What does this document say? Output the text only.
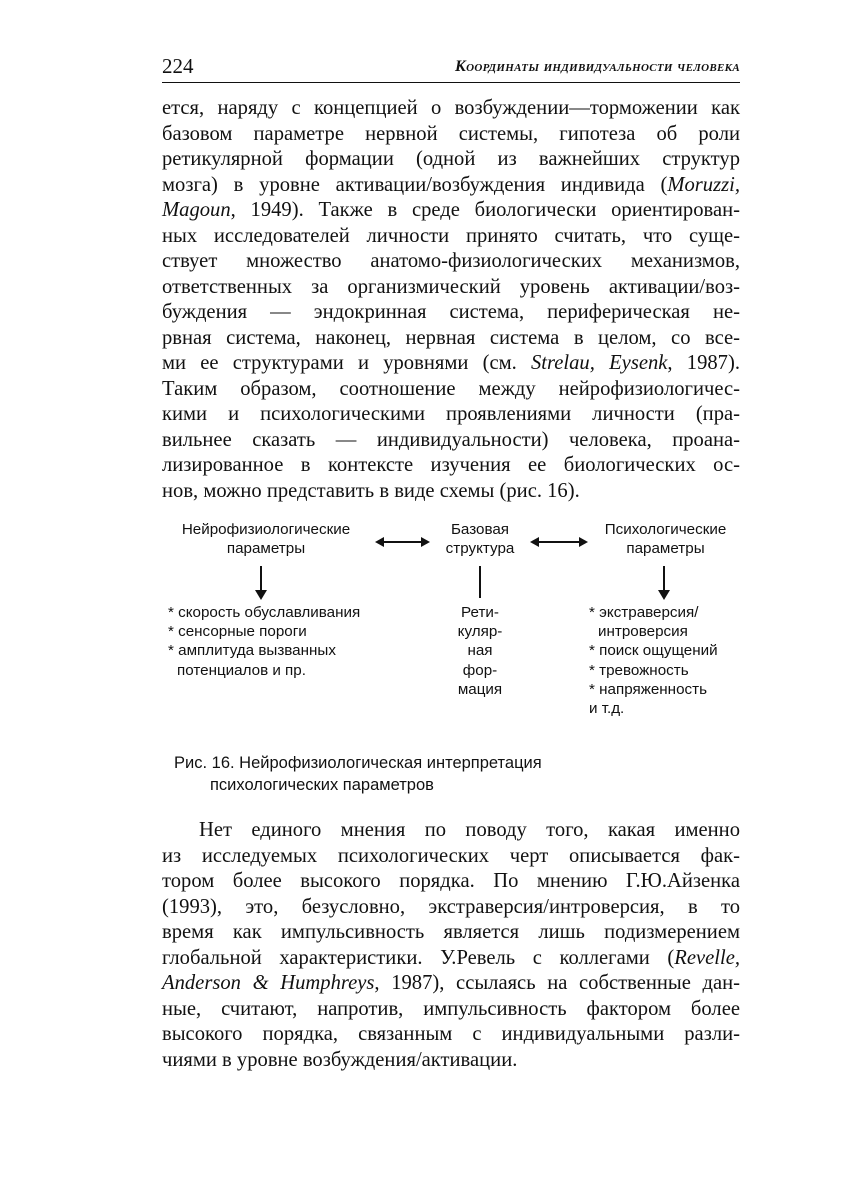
224	Координаты индивидуальности человека
ется, наряду с концепцией о возбуждении—торможении как
базовом параметре нервной системы, гипотеза об роли
ретикулярной формации (одной из важнейших структур
мозга) в уровне активации/возбуждения индивида (Moruzzi,
Magoun, 1949). Также в среде биологически ориентирован-
ных исследователей личности принято считать, что суще-
ствует множество анатомо-физиологических механизмов,
ответственных за организмический уровень активации/воз-
буждения — эндокринная система, периферическая не-
рвная система, наконец, нервная система в целом, со все-
ми ее структурами и уровнями (см. Strelau, Eysenk, 1987).
Таким образом, соотношение между нейрофизиологичес-
кими и психологическими проявлениями личности (пра-
вильнее сказать — индивидуальности) человека, проана-
лизированное в контексте изучения ее биологических ос-
нов, можно представить в виде схемы (рис. 16).
Нейрофизиологические
параметры
Базовая
структура
Психологические
параметры
* скорость обуславливания
* сенсорные пороги
* амплитуда вызванных
потенциалов и пр.
Рети-
куляр-
ная
фор-
мация
* экстраверсия/
интроверсия
* поиск ощущений
* тревожность
* напряженность
и т.д.
Рис. 16. Нейрофизиологическая интерпретация
психологических параметров
Нет единого мнения по поводу того, какая именно
из исследуемых психологических черт описывается фак-
тором более высокого порядка. По мнению Г.Ю.Айзенка
(1993), это, безусловно, экстраверсия/интроверсия, в то
время как импульсивность является лишь подизмерением
глобальной характеристики. У.Ревель с коллегами (Revelle,
Anderson & Humphreys, 1987), ссылаясь на собственные дан-
ные, считают, напротив, импульсивность фактором более
высокого порядка, связанным с индивидуальными разли-
чиями в уровне возбуждения/активации.
